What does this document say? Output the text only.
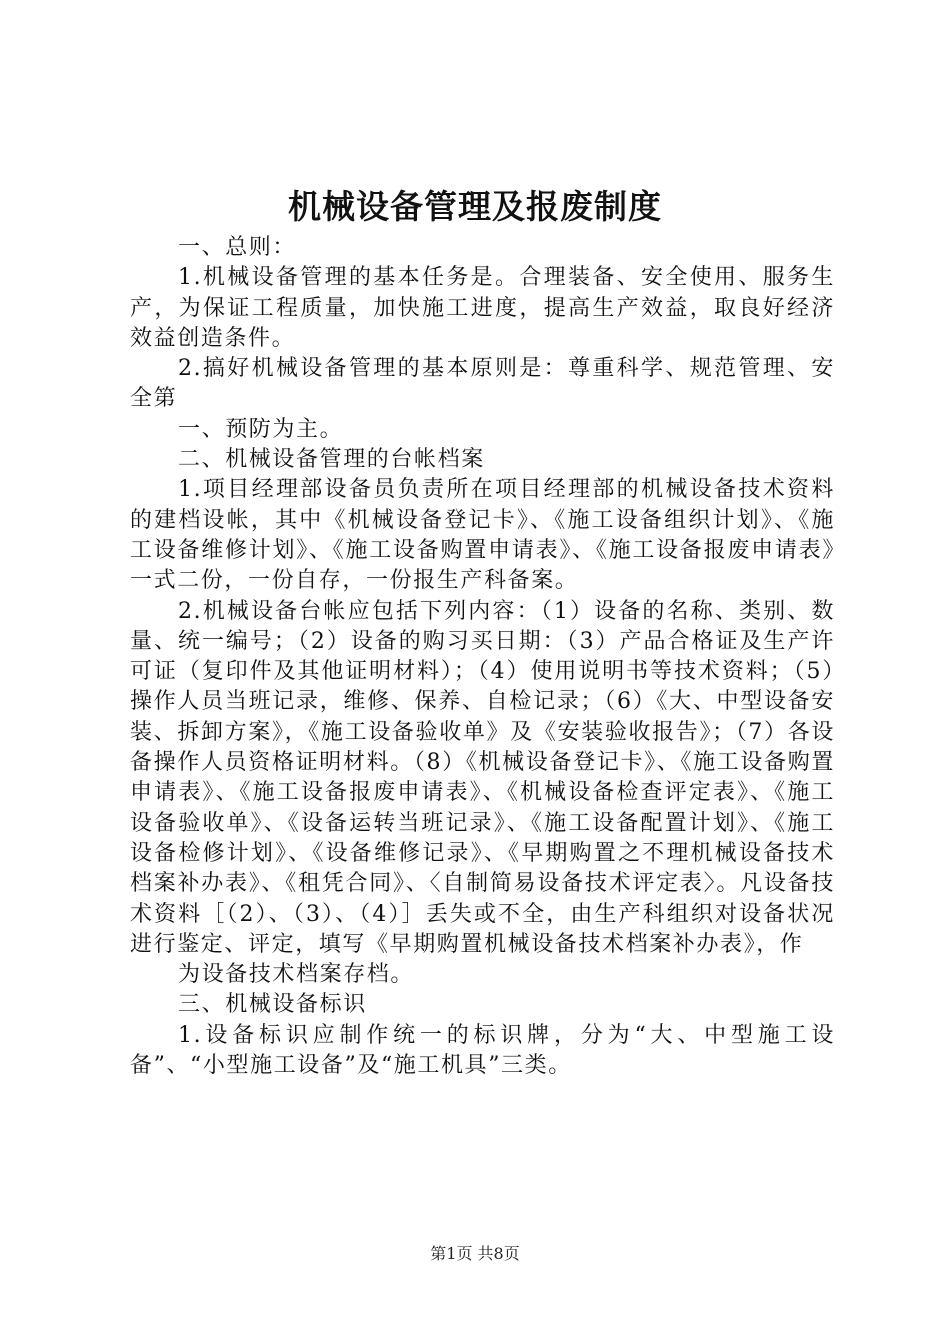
机械设备管理及报废制度

一、总则：

1.机械设备管理的基本任务是。合理装备、安全使用、服务生产，为保证工程质量，加快施工进度，提高生产效益，取良好经济效益创造条件。

2.搞好机械设备管理的基本原则是：尊重科学、规范管理、安全第

一、预防为主。

二、机械设备管理的台帐档案

1.项目经理部设备员负责所在项目经理部的机械设备技术资料的建档设帐，其中《机械设备登记卡》、《施工设备组织计划》、《施工设备维修计划》、《施工设备购置申请表》、《施工设备报废申请表》一式二份，一份自存，一份报生产科备案。

2.机械设备台帐应包括下列内容：（1）设备的名称、类别、数量、统一编号；（2）设备的购习买日期：（3）产品合格证及生产许可证（复印件及其他证明材料）；（4）使用说明书等技术资料；（5）操作人员当班记录，维修、保养、自检记录；（6）《大、中型设备安装、拆卸方案》，《施工设备验收单》及《安装验收报告》；（7）各设备操作人员资格证明材料。（8）《机械设备登记卡》、《施工设备购置申请表》、《施工设备报废申请表》、《机械设备检查评定表》、《施工设备验收单》、《设备运转当班记录》、《施工设备配置计划》、《施工设备检修计划》、《设备维修记录》、《早期购置之不理机械设备技术档案补办表》、《租凭合同》、〈自制简易设备技术评定表〉。凡设备技术资料［（2）、（3）、（4）］丢失或不全，由生产科组织对设备状况进行鉴定、评定，填写《早期购置机械设备技术档案补办表》，作

为设备技术档案存档。

三、机械设备标识

1.设备标识应制作统一的标识牌，分为“大、中型施工设备”、“小型施工设备”及“施工机具”三类。

第1页 共8页
